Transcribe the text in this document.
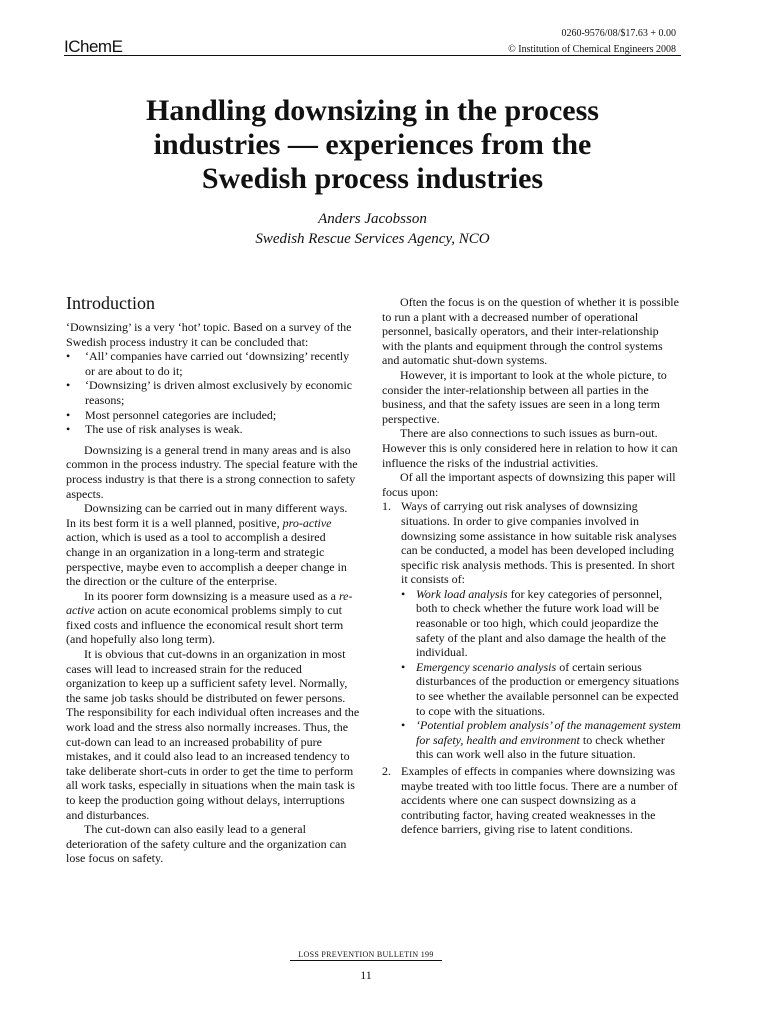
0260-9576/08/$17.63 + 0.00
© Institution of Chemical Engineers 2008
IChemE
Handling downsizing in the process
industries — experiences from the
Swedish process industries
Anders Jacobsson
Swedish Rescue Services Agency, NCO
Introduction

‘Downsizing’ is a very ‘hot’ topic. Based on a survey of the Swedish process industry it can be concluded that:

• ‘All’ companies have carried out ‘downsizing’ recently or are about to do it;
• ‘Downsizing’ is driven almost exclusively by economic reasons;
• Most personnel categories are included;
• The use of risk analyses is weak.

Downsizing is a general trend in many areas and is also common in the process industry. The special feature with the process industry is that there is a strong connection to safety aspects.

Downsizing can be carried out in many different ways. In its best form it is a well planned, positive, pro-active action, which is used as a tool to accomplish a desired change in an organization in a long-term and strategic perspective, maybe even to accomplish a deeper change in the direction or the culture of the enterprise.

In its poorer form downsizing is a measure used as a re-active action on acute economical problems simply to cut fixed costs and influence the economical result short term (and hopefully also long term).

It is obvious that cut-downs in an organization in most cases will lead to increased strain for the reduced organization to keep up a sufficient safety level. Normally, the same job tasks should be distributed on fewer persons. The responsibility for each individual often increases and the work load and the stress also normally increases. Thus, the cut-down can lead to an increased probability of pure mistakes, and it could also lead to an increased tendency to take deliberate short-cuts in order to get the time to perform all work tasks, especially in situations when the main task is to keep the production going without delays, interruptions and disturbances.

The cut-down can also easily lead to a general deterioration of the safety culture and the organization can lose focus on safety.

Often the focus is on the question of whether it is possible to run a plant with a decreased number of operational personnel, basically operators, and their inter-relationship with the plants and equipment through the control systems and automatic shut-down systems.

However, it is important to look at the whole picture, to consider the inter-relationship between all parties in the business, and that the safety issues are seen in a long term perspective.

There are also connections to such issues as burn-out. However this is only considered here in relation to how it can influence the risks of the industrial activities.

Of all the important aspects of downsizing this paper will focus upon:

1. Ways of carrying out risk analyses of downsizing situations. In order to give companies involved in downsizing some assistance in how suitable risk analyses can be conducted, a model has been developed including specific risk analysis methods. This is presented. In short it consists of:
• Work load analysis for key categories of personnel, both to check whether the future work load will be reasonable or too high, which could jeopardize the safety of the plant and also damage the health of the individual.
• Emergency scenario analysis of certain serious disturbances of the production or emergency situations to see whether the available personnel can be expected to cope with the situations.
• ‘Potential problem analysis’ of the management system for safety, health and environment to check whether this can work well also in the future situation.
2. Examples of effects in companies where downsizing was maybe treated with too little focus. There are a number of accidents where one can suspect downsizing as a contributing factor, having created weaknesses in the defence barriers, giving rise to latent conditions.
LOSS PREVENTION BULLETIN 199
11
